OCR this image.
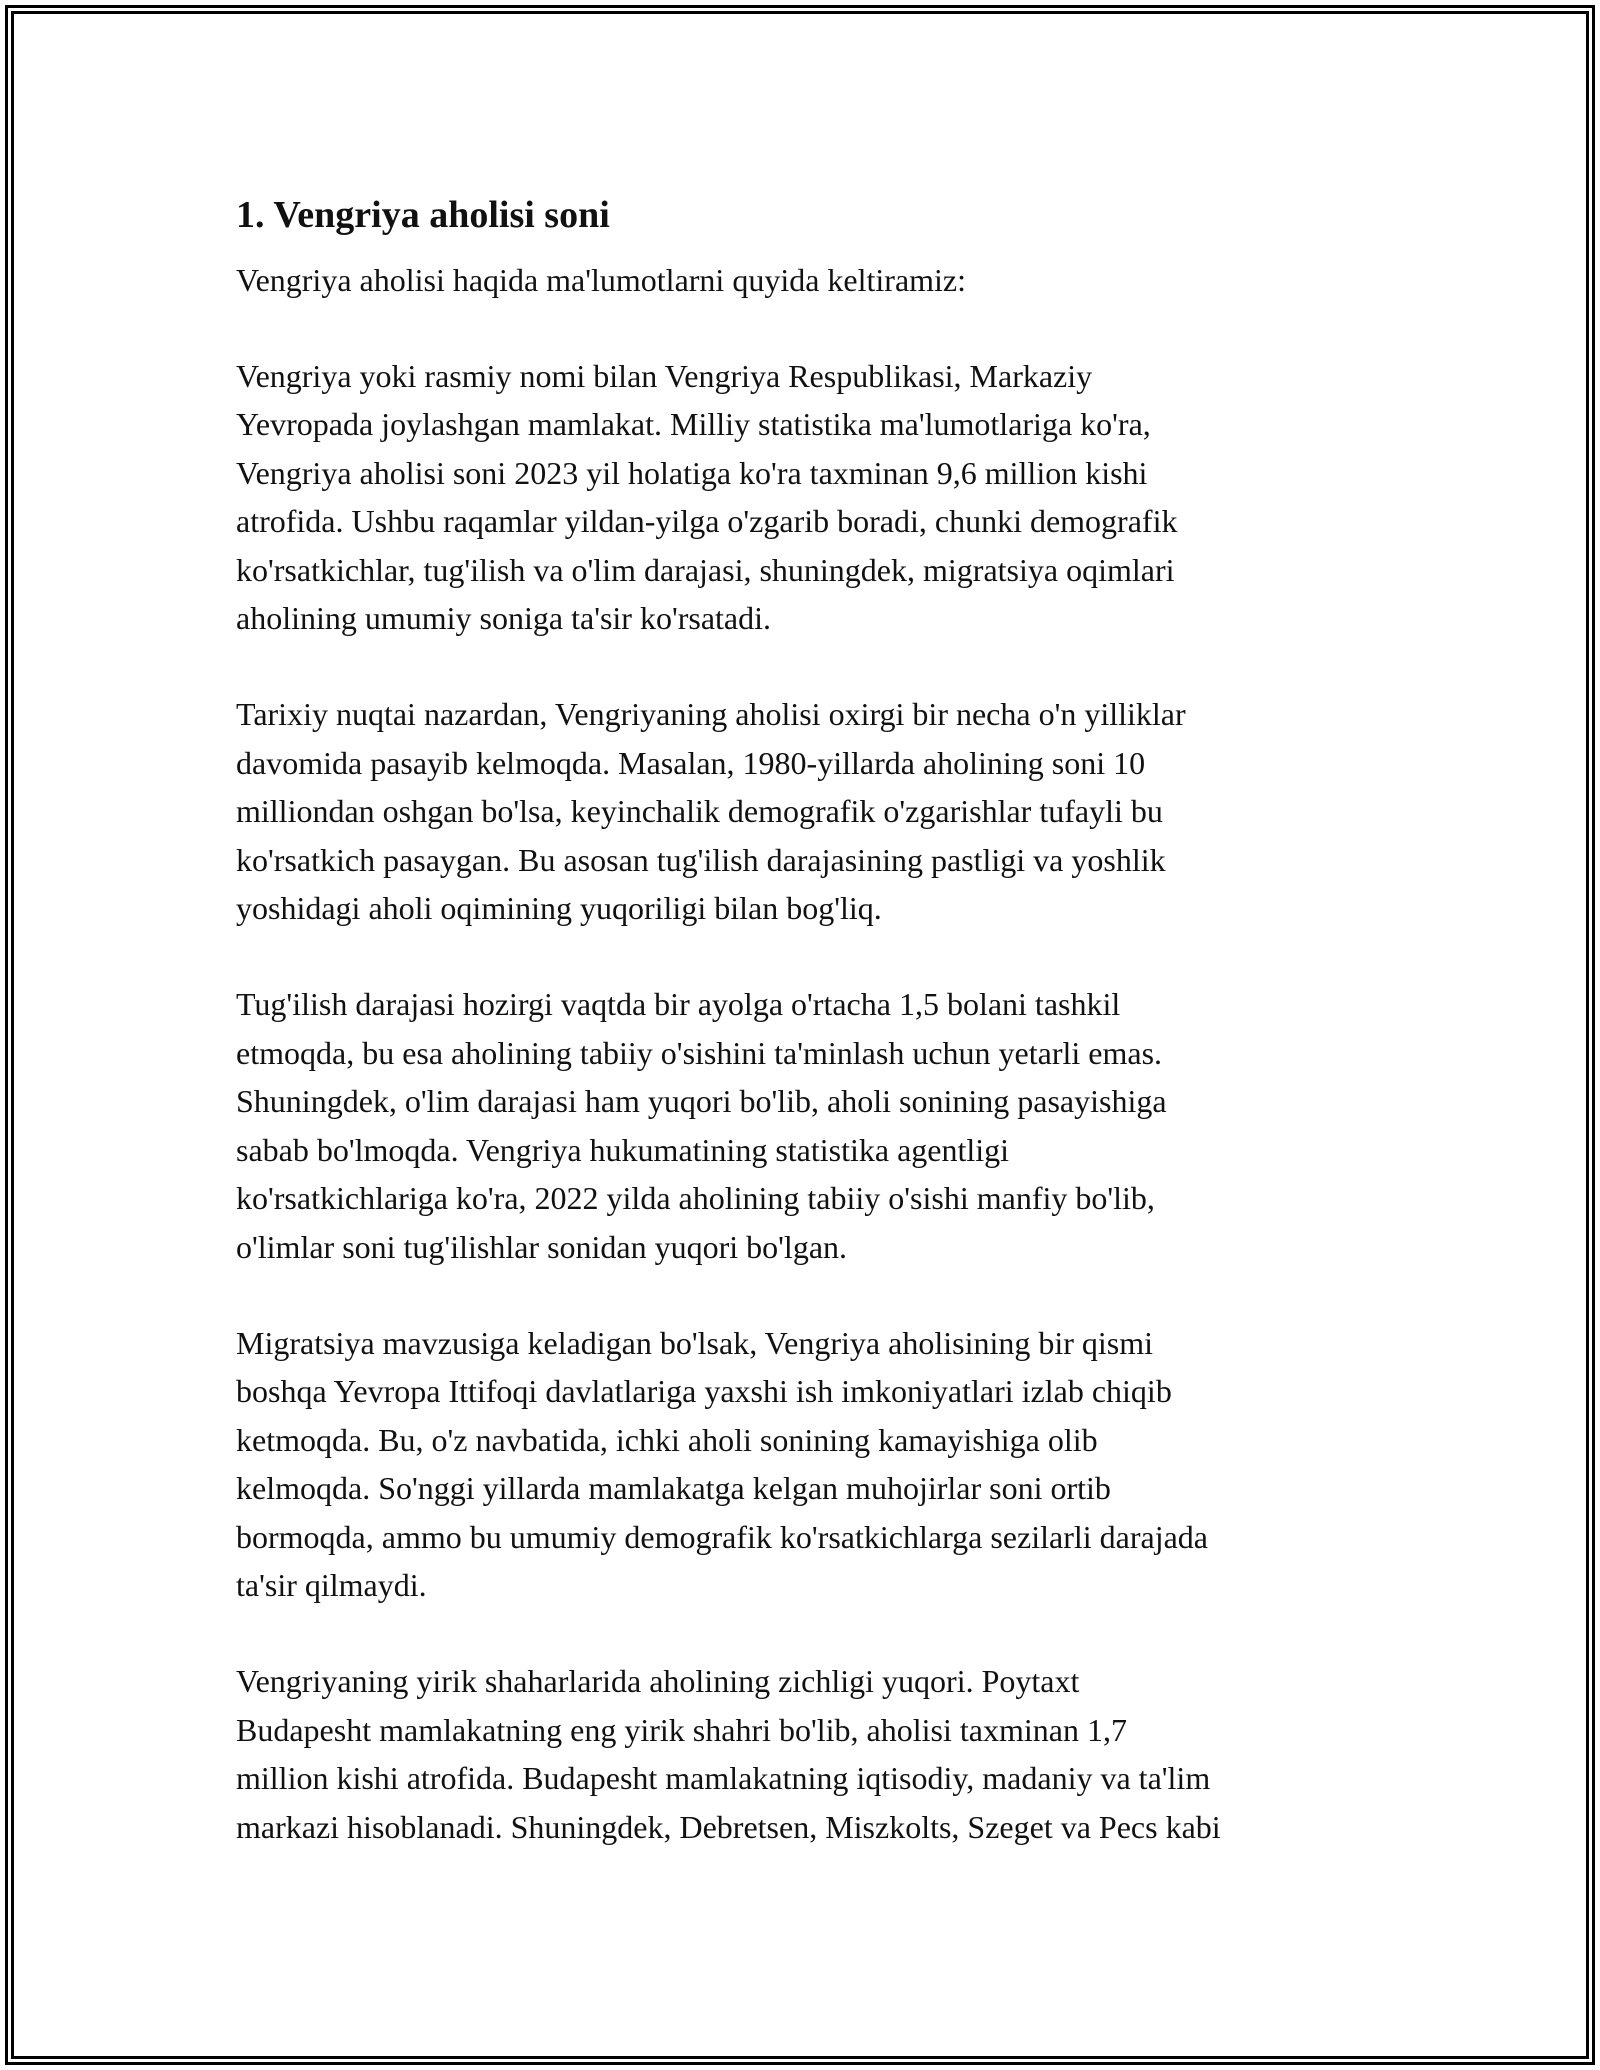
1. Vengriya aholisi soni

Vengriya aholisi haqida ma'lumotlarni quyida keltiramiz:

Vengriya yoki rasmiy nomi bilan Vengriya Respublikasi, Markaziy
Yevropada joylashgan mamlakat. Milliy statistika ma'lumotlariga ko'ra,
Vengriya aholisi soni 2023 yil holatiga ko'ra taxminan 9,6 million kishi
atrofida. Ushbu raqamlar yildan-yilga o'zgarib boradi, chunki demografik
ko'rsatkichlar, tug'ilish va o'lim darajasi, shuningdek, migratsiya oqimlari
aholining umumiy soniga ta'sir ko'rsatadi.

Tarixiy nuqtai nazardan, Vengriyaning aholisi oxirgi bir necha o'n yilliklar
davomida pasayib kelmoqda. Masalan, 1980-yillarda aholining soni 10
milliondan oshgan bo'lsa, keyinchalik demografik o'zgarishlar tufayli bu
ko'rsatkich pasaygan. Bu asosan tug'ilish darajasining pastligi va yoshlik
yoshidagi aholi oqimining yuqoriligi bilan bog'liq.

Tug'ilish darajasi hozirgi vaqtda bir ayolga o'rtacha 1,5 bolani tashkil
etmoqda, bu esa aholining tabiiy o'sishini ta'minlash uchun yetarli emas.
Shuningdek, o'lim darajasi ham yuqori bo'lib, aholi sonining pasayishiga
sabab bo'lmoqda. Vengriya hukumatining statistika agentligi
ko'rsatkichlariga ko'ra, 2022 yilda aholining tabiiy o'sishi manfiy bo'lib,
o'limlar soni tug'ilishlar sonidan yuqori bo'lgan.

Migratsiya mavzusiga keladigan bo'lsak, Vengriya aholisining bir qismi
boshqa Yevropa Ittifoqi davlatlariga yaxshi ish imkoniyatlari izlab chiqib
ketmoqda. Bu, o'z navbatida, ichki aholi sonining kamayishiga olib
kelmoqda. So'nggi yillarda mamlakatga kelgan muhojirlar soni ortib
bormoqda, ammo bu umumiy demografik ko'rsatkichlarga sezilarli darajada
ta'sir qilmaydi.

Vengriyaning yirik shaharlarida aholining zichligi yuqori. Poytaxt
Budapesht mamlakatning eng yirik shahri bo'lib, aholisi taxminan 1,7
million kishi atrofida. Budapesht mamlakatning iqtisodiy, madaniy va ta'lim
markazi hisoblanadi. Shuningdek, Debretsen, Miszkolts, Szeget va Pecs kabi
